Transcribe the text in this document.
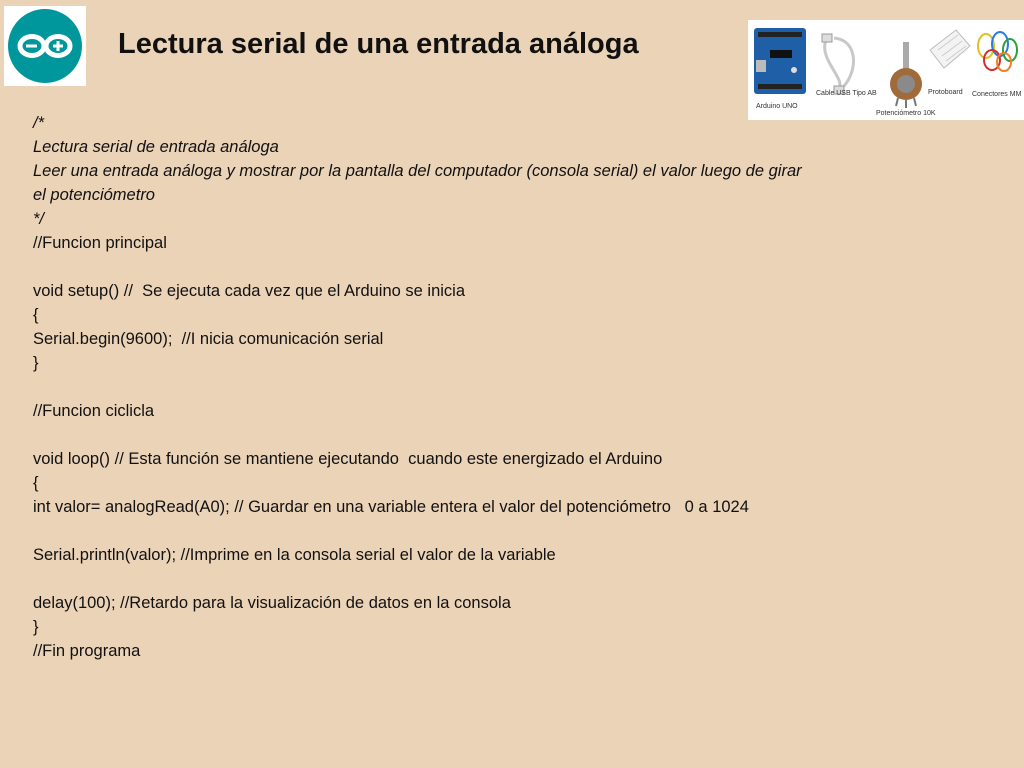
Lectura serial de una entrada análoga
Arduino UNO
Cable USB Tipo AB
Potenciómetro 10K
Protoboard Conectores MM
/*
Lectura serial de entrada análoga
Leer una entrada análoga y mostrar por la pantalla del computador (consola serial) el valor luego de girar
el potenciómetro
*/
//Funcion principal
void setup() //  Se ejecuta cada vez que el Arduino se inicia
{
Serial.begin(9600);  //I nicia comunicación serial
}
//Funcion ciclicla
void loop() // Esta función se mantiene ejecutando  cuando este energizado el Arduino
{
int valor= analogRead(A0); // Guardar en una variable entera el valor del potenciómetro   0 a 1024
Serial.println(valor); //Imprime en la consola serial el valor de la variable
delay(100); //Retardo para la visualización de datos en la consola
}
//Fin programa
